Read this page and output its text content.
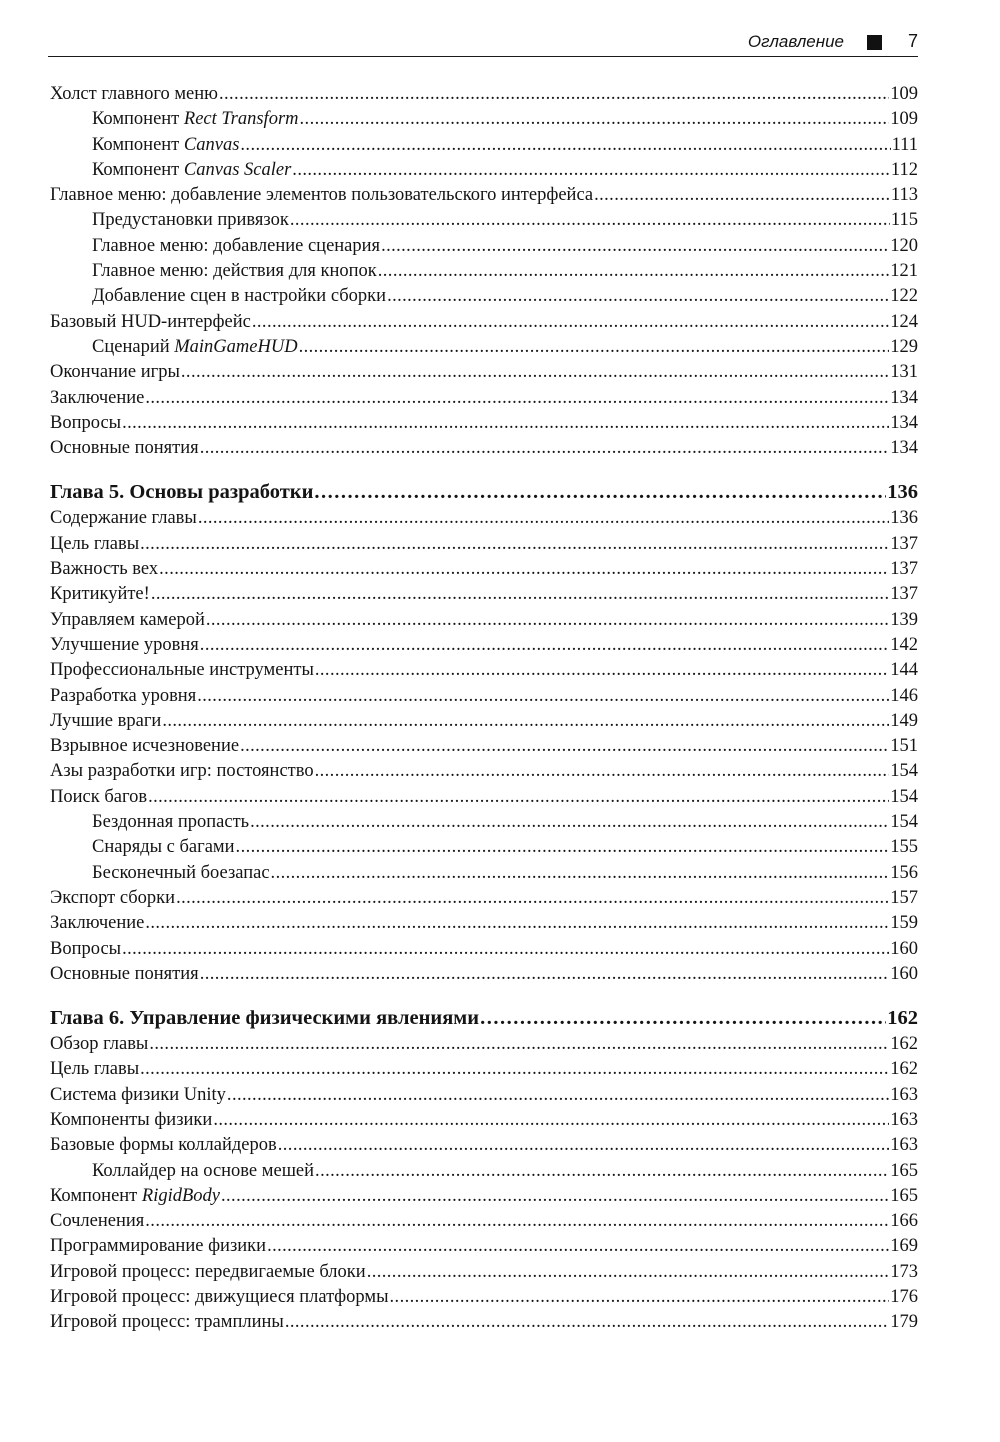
Оглавление	7
Холст главного меню .....	109
Компонент Rect Transform .....	109
Компонент Canvas .....	111
Компонент Canvas Scaler .....	112
Главное меню: добавление элементов пользовательского интерфейса .....	113
Предустановки привязок .....	115
Главное меню: добавление сценария .....	120
Главное меню: действия для кнопок .....	121
Добавление сцен в настройки сборки .....	122
Базовый HUD-интерфейс .....	124
Сценарий MainGameHUD .....	129
Окончание игры .....	131
Заключение .....	134
Вопросы .....	134
Основные понятия .....	134
Глава 5. Основы разработки .....	136
Содержание главы .....	136
Цель главы .....	137
Важность вех .....	137
Критикуйте! .....	137
Управляем камерой .....	139
Улучшение уровня .....	142
Профессиональные инструменты .....	144
Разработка уровня .....	146
Лучшие враги .....	149
Взрывное исчезновение .....	151
Азы разработки игр: постоянство .....	154
Поиск багов .....	154
Бездонная пропасть .....	154
Снаряды с багами .....	155
Бесконечный боезапас .....	156
Экспорт сборки .....	157
Заключение .....	159
Вопросы .....	160
Основные понятия .....	160
Глава 6. Управление физическими явлениями .....	162
Обзор главы .....	162
Цель главы .....	162
Система физики Unity .....	163
Компоненты физики .....	163
Базовые формы коллайдеров .....	163
Коллайдер на основе мешей .....	165
Компонент RigidBody .....	165
Сочленения .....	166
Программирование физики .....	169
Игровой процесс: передвигаемые блоки .....	173
Игровой процесс: движущиеся платформы .....	176
Игровой процесс: трамплины .....	179
